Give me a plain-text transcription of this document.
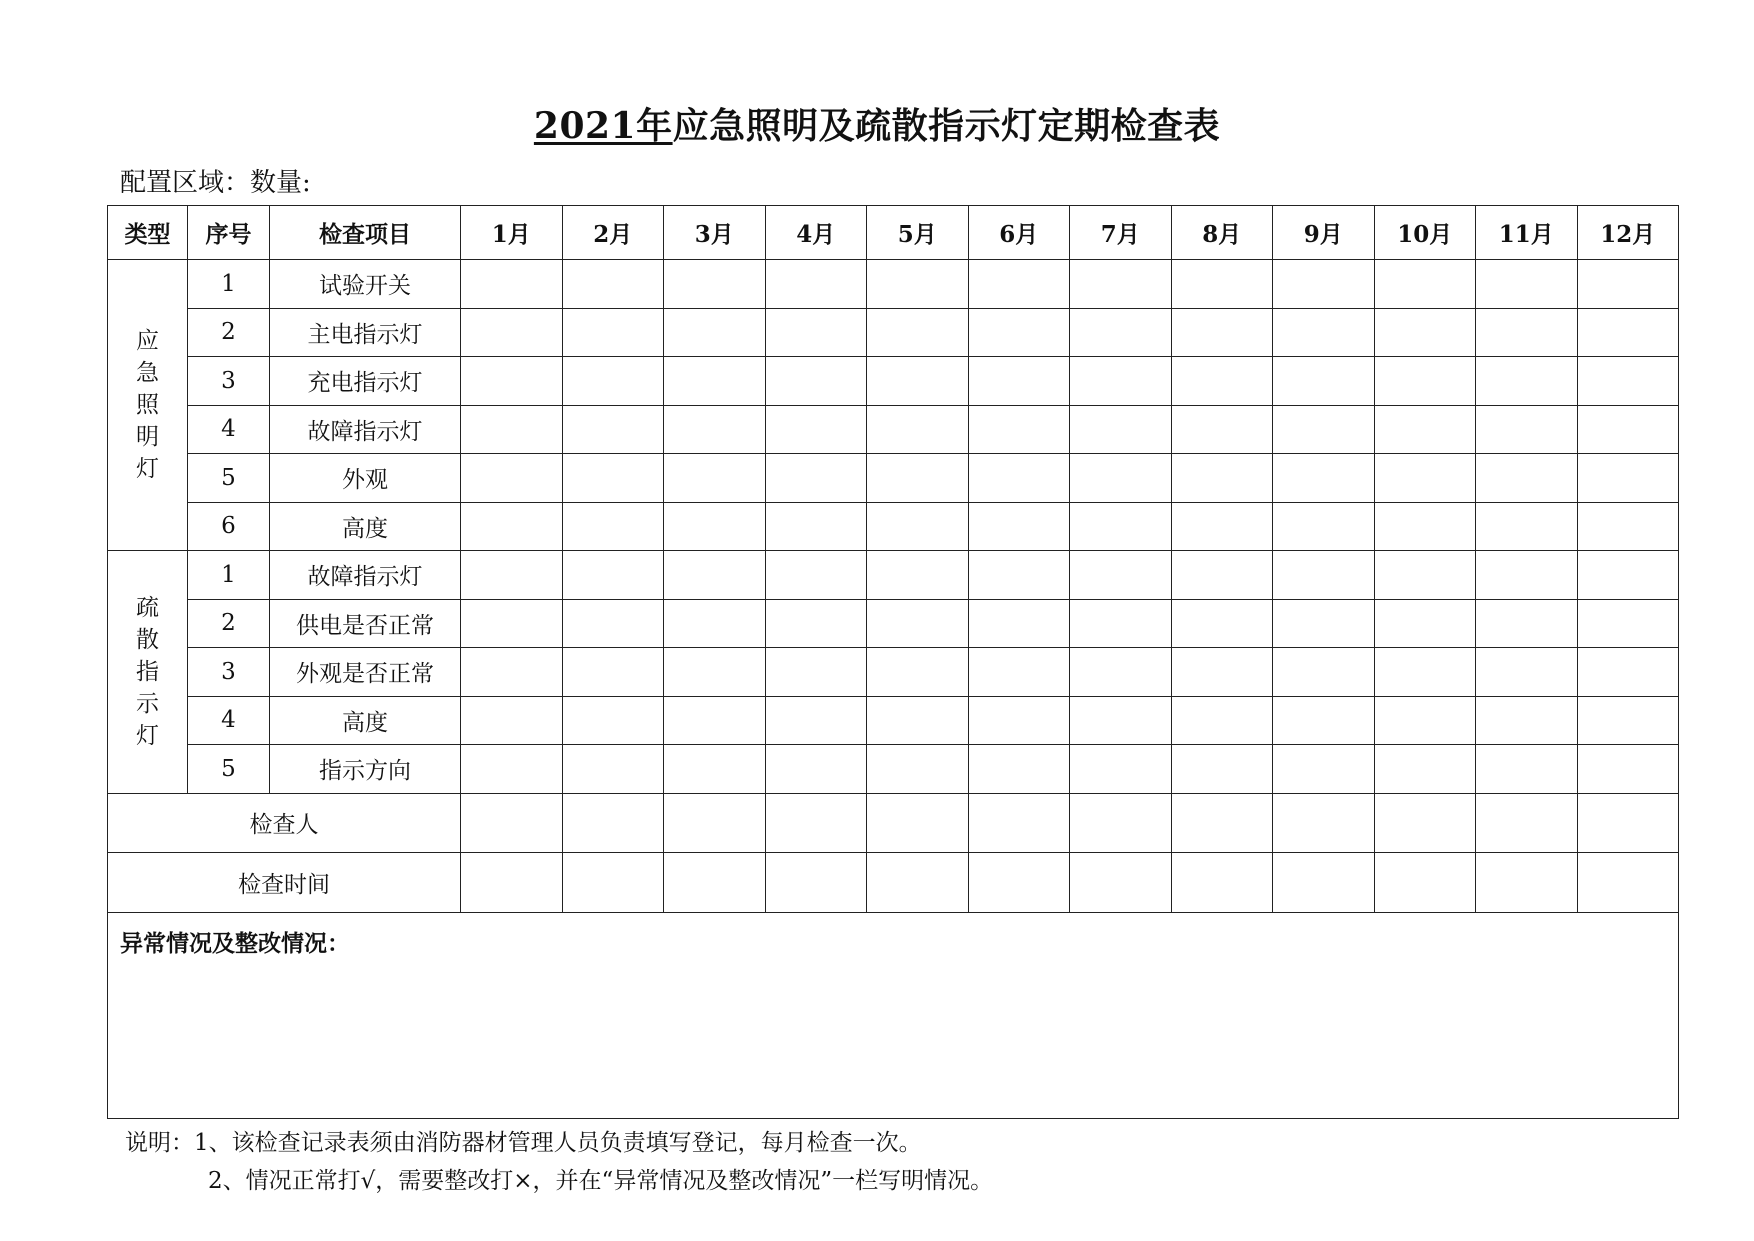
2021年应急照明及疏散指示灯定期检查表
配置区域：数量:
类型	序号	检查项目	1月	2月	3月	4月	5月	6月	7月	8月	9月	10月	11月	12月

应
急
照
明
灯	1	试验开关												
	2	主电指示灯												
	3	充电指示灯												
	4	故障指示灯												
	5	外观												
	6	高度												

疏
散
指
示
灯	1	故障指示灯												
	2	供电是否正常												
	3	外观是否正常												
	4	高度												
	5	指示方向												
检查人														
检查时间														
异常情况及整改情况：														
说明：1、该检查记录表须由消防器材管理人员负责填写登记，每月检查一次。
2、情况正常打√，需要整改打×，并在“异常情况及整改情况”一栏写明情况。
